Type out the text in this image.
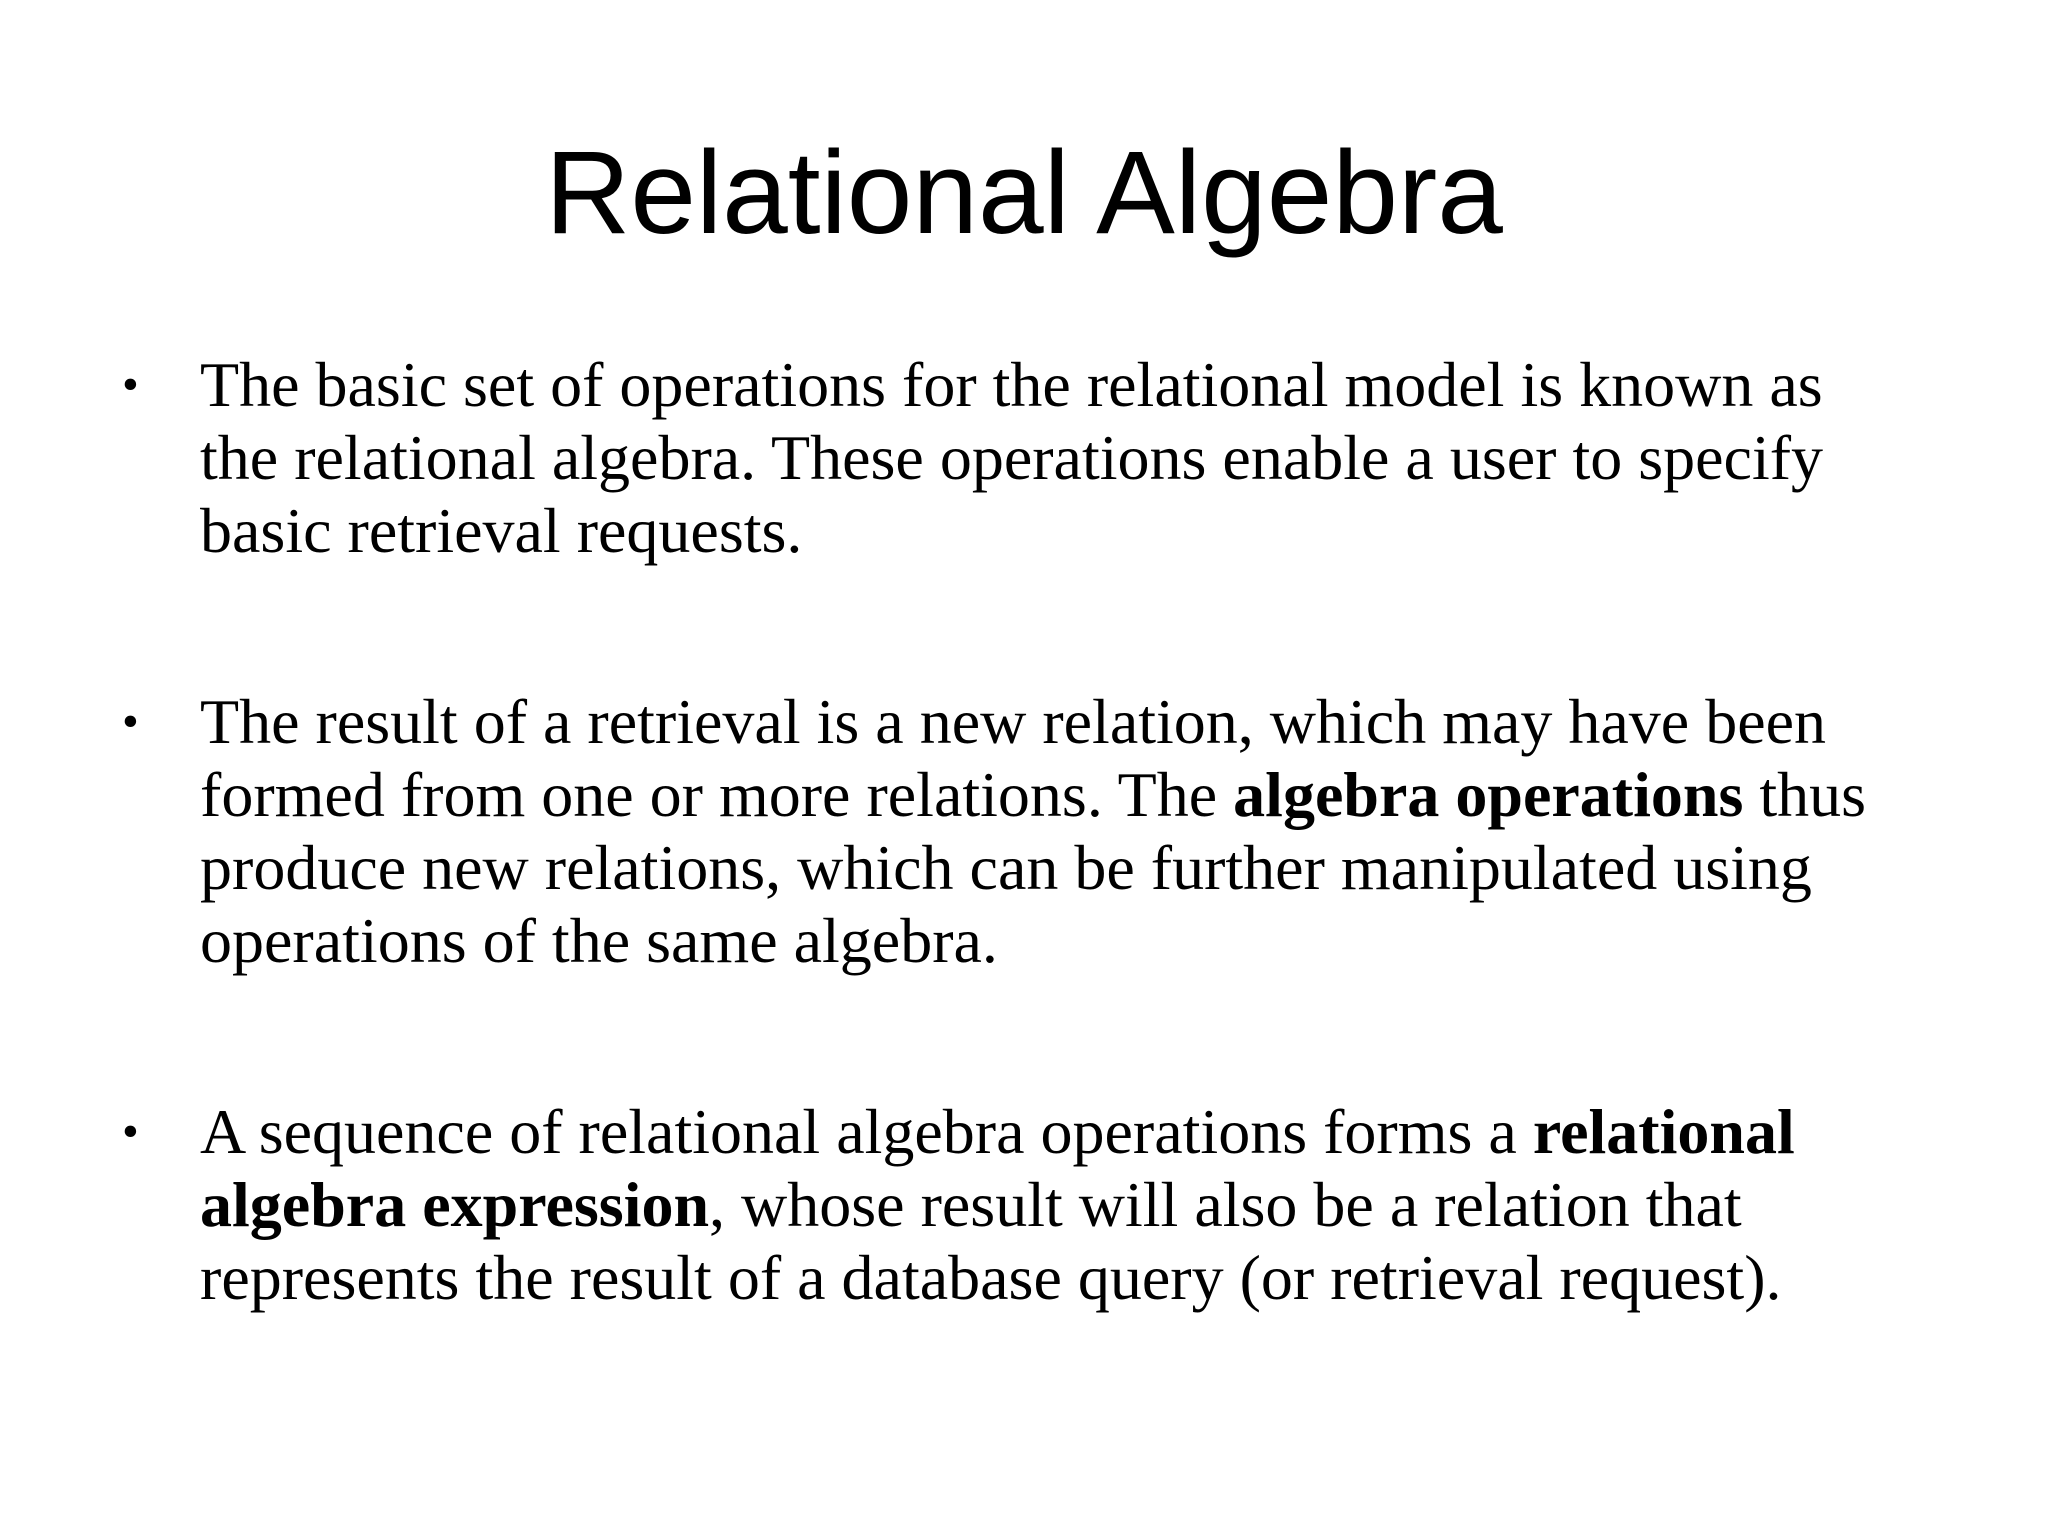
Relational Algebra
• The basic set of operations for the relational model is known as the relational algebra. These operations enable a user to specify basic retrieval requests.
• The result of a retrieval is a new relation, which may have been formed from one or more relations. The algebra operations thus produce new relations, which can be further manipulated using operations of the same algebra.
• A sequence of relational algebra operations forms a relational algebra expression, whose result will also be a relation that represents the result of a database query (or retrieval request).
